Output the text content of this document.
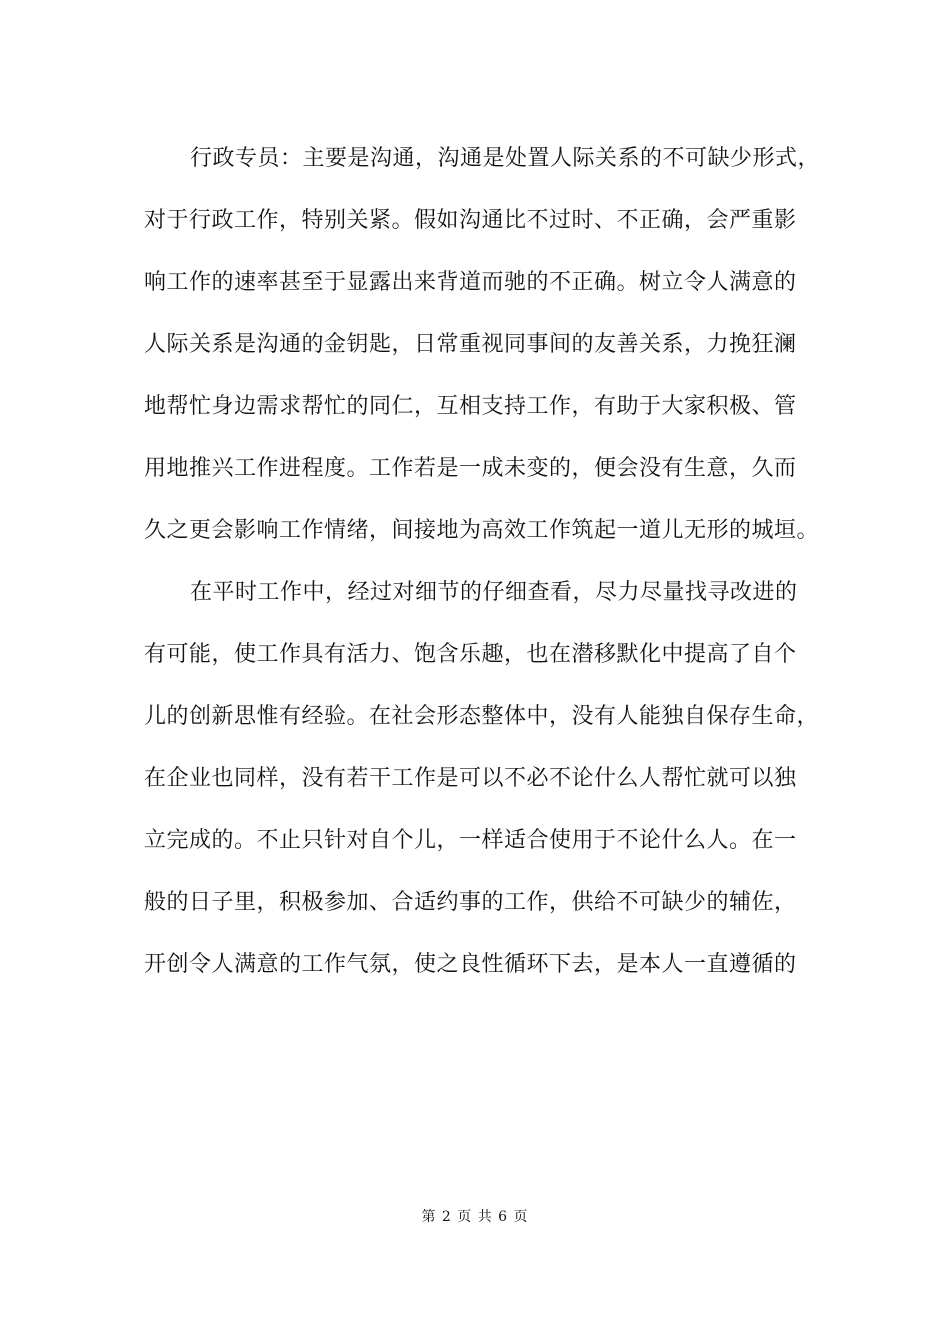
行政专员：主要是沟通，沟通是处置人际关系的不可缺少形式，
对于行政工作，特别关紧。假如沟通比不过时、不正确，会严重影
响工作的速率甚至于显露出来背道而驰的不正确。树立令人满意的
人际关系是沟通的金钥匙，日常重视同事间的友善关系，力挽狂澜
地帮忙身边需求帮忙的同仁，互相支持工作，有助于大家积极、管
用地推兴工作进程度。工作若是一成未变的，便会没有生意，久而
久之更会影响工作情绪，间接地为高效工作筑起一道儿无形的城垣。
在平时工作中，经过对细节的仔细查看，尽力尽量找寻改进的
有可能，使工作具有活力、饱含乐趣，也在潜移默化中提高了自个
儿的创新思惟有经验。在社会形态整体中，没有人能独自保存生命，
在企业也同样，没有若干工作是可以不必不论什么人帮忙就可以独
立完成的。不止只针对自个儿，一样适合使用于不论什么人。在一
般的日子里，积极参加、合适约事的工作，供给不可缺少的辅佐，
开创令人满意的工作气氛，使之良性循环下去，是本人一直遵循的
第 2 页 共 6 页
